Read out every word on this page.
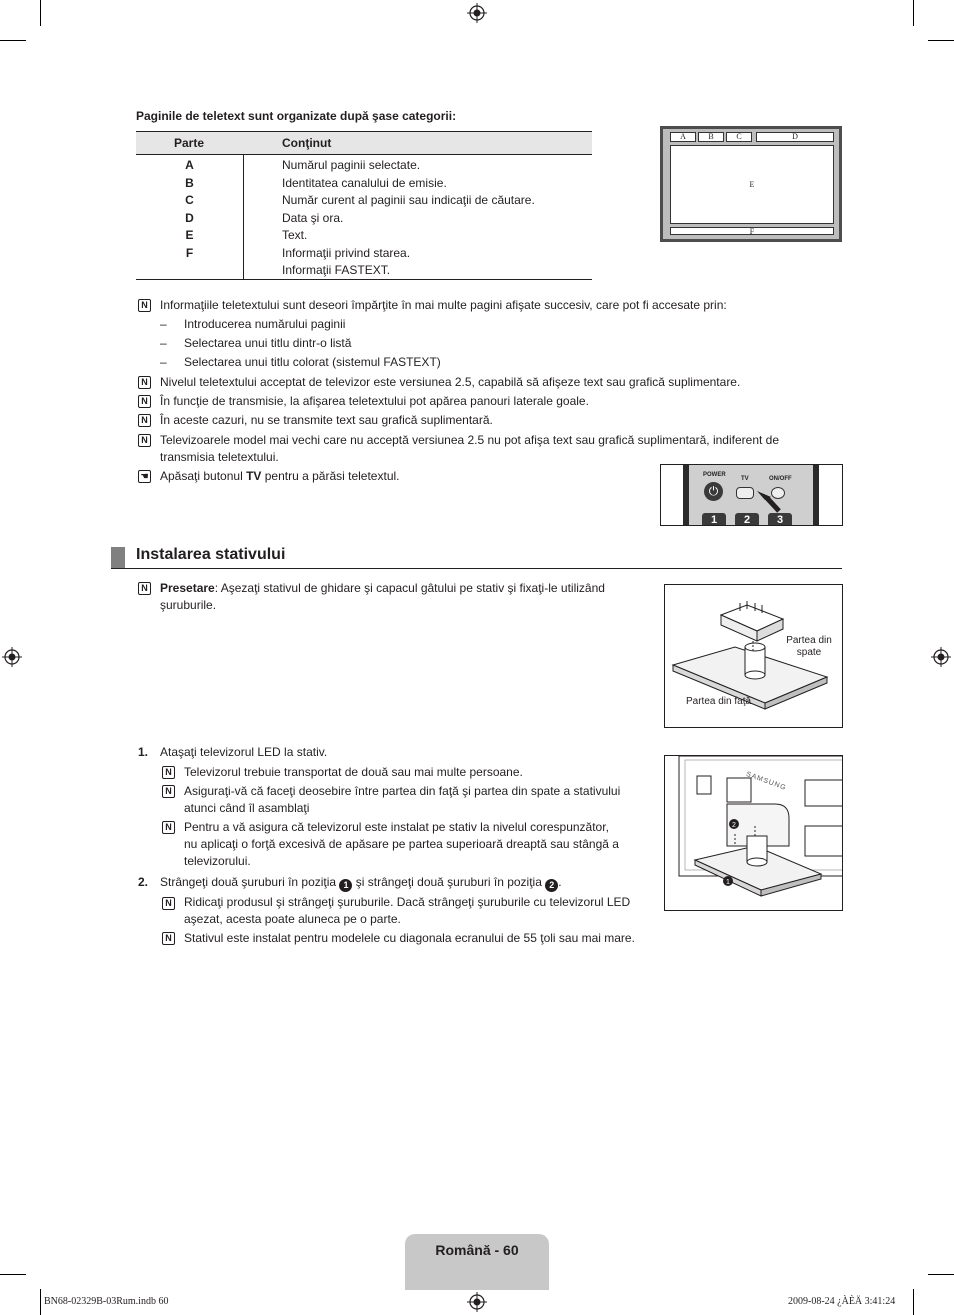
Paginile de teletext sunt organizate după şase categorii:
Parte	Conţinut
A	Numărul paginii selectate.
B	Identitatea canalului de emisie.
C	Număr curent al paginii sau indicaţii de căutare.
D	Data şi ora.
E	Text.
F	Informaţii privind starea.
Informaţii FASTEXT.
A	B	C	D
E
F
N Informaţiile teletextului sunt deseori împărţite în mai multe pagini afişate succesiv, care pot fi accesate prin:
– Introducerea numărului paginii
– Selectarea unui titlu dintr-o listă
– Selectarea unui titlu colorat (sistemul FASTEXT)
N Nivelul teletextului acceptat de televizor este versiunea 2.5, capabilă să afişeze text sau grafică suplimentare.
N În funcţie de transmisie, la afişarea teletextului pot apărea panouri laterale goale.
N În aceste cazuri, nu se transmite text sau grafică suplimentară.
N Televizoarele model mai vechi care nu acceptă versiunea 2.5 nu pot afişa text sau grafică suplimentară, indiferent de
transmisia teletextului.
☚ Apăsaţi butonul TV pentru a părăsi teletextul.	POWER
TV	ON/OFF
⏻
1	2	3
Instalarea stativului
N Presetare: Aşezaţi stativul de ghidare şi capacul gâtului pe stativ şi fixaţi-le utilizând
şuruburile.
Partea din spate
Partea din faţă
1. Ataşaţi televizorul LED la stativ.
N Televizorul trebuie transportat de două sau mai multe persoane.
N Asiguraţi-vă că faceţi deosebire între partea din faţă şi partea din spate a stativului
atunci când îl asamblaţi
N Pentru a vă asigura că televizorul este instalat pe stativ la nivelul corespunzător,
nu aplicaţi o forţă excesivă de apăsare pe partea superioară dreaptă sau stângă a
televizorului.
2. Strângeţi două şuruburi în poziţia 1 şi strângeţi două şuruburi în poziţia 2 .
N Ridicaţi produsul şi strângeţi şuruburile. Dacă strângeţi şuruburile cu televizorul LED
aşezat, acesta poate aluneca pe o parte.
N Stativul este instalat pentru modelele cu diagonala ecranului de 55 ţoli sau mai mare.
2
1
SAMSUNG
Română - 60
BN68-02329B-03Rum.indb 60	2009-08-24 ¿ÀÈÄ 3:41:24
